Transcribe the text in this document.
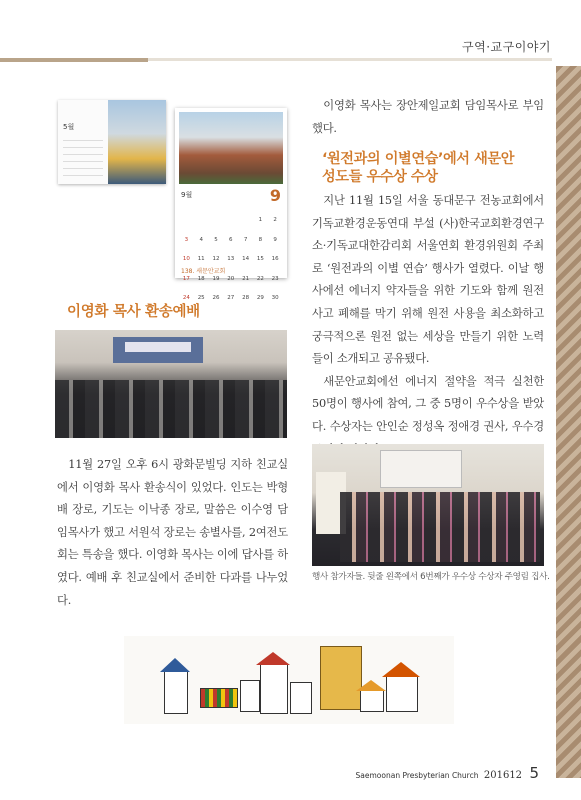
구역·교구이야기
5월
9월	9
1 23 4 5 6 7 8 910 11 12 13 14 15 1617 18 19 20 21 22 2324 25 26 27 28 29 30
138. 새문안교회
이영화 목사 환송예배

11월 27일 오후 6시 광화문빌딩 지하 친교실에서 이영화 목사 환송식이 있었다. 인도는 박형배 장로, 기도는 이낙종 장로, 말씀은 이수영 담임목사가 했고 서원석 장로는 송별사를, 2여전도회는 특송을 했다. 이영화 목사는 이에 답사를 하였다. 예배 후 친교실에서 준비한 다과를 나누었다.

이영화 목사는 장안제일교회 담임목사로 부임했다.

‘원전과의 이별연습’에서 새문안
성도들 우수상 수상

지난 11월 15일 서울 동대문구 전농교회에서 기독교환경운동연대 부설 (사)한국교회환경연구소·기독교대한감리회 서울연회 환경위원회 주최로 ‘원전과의 이별 연습’ 행사가 열렸다. 이날 행사에선 에너지 약자들을 위한 기도와 함께 원전 사고 폐해를 막기 위해 원전 사용을 최소화하고 궁극적으론 원전 없는 세상을 만들기 위한 노력들이 소개되고 공유됐다.

새문안교회에선 에너지 절약을 적극 실천한 50명이 행사에 참여, 그 중 5명이 우수상을 받았다. 수상자는 안인순 정성옥 정애경 권사, 우수경

행사 참가자들. 뒷줄 왼쪽에서 6번째가 우수상 수상자 주영림 집사.
Saemoonan Presbyterian Church 201612 5
